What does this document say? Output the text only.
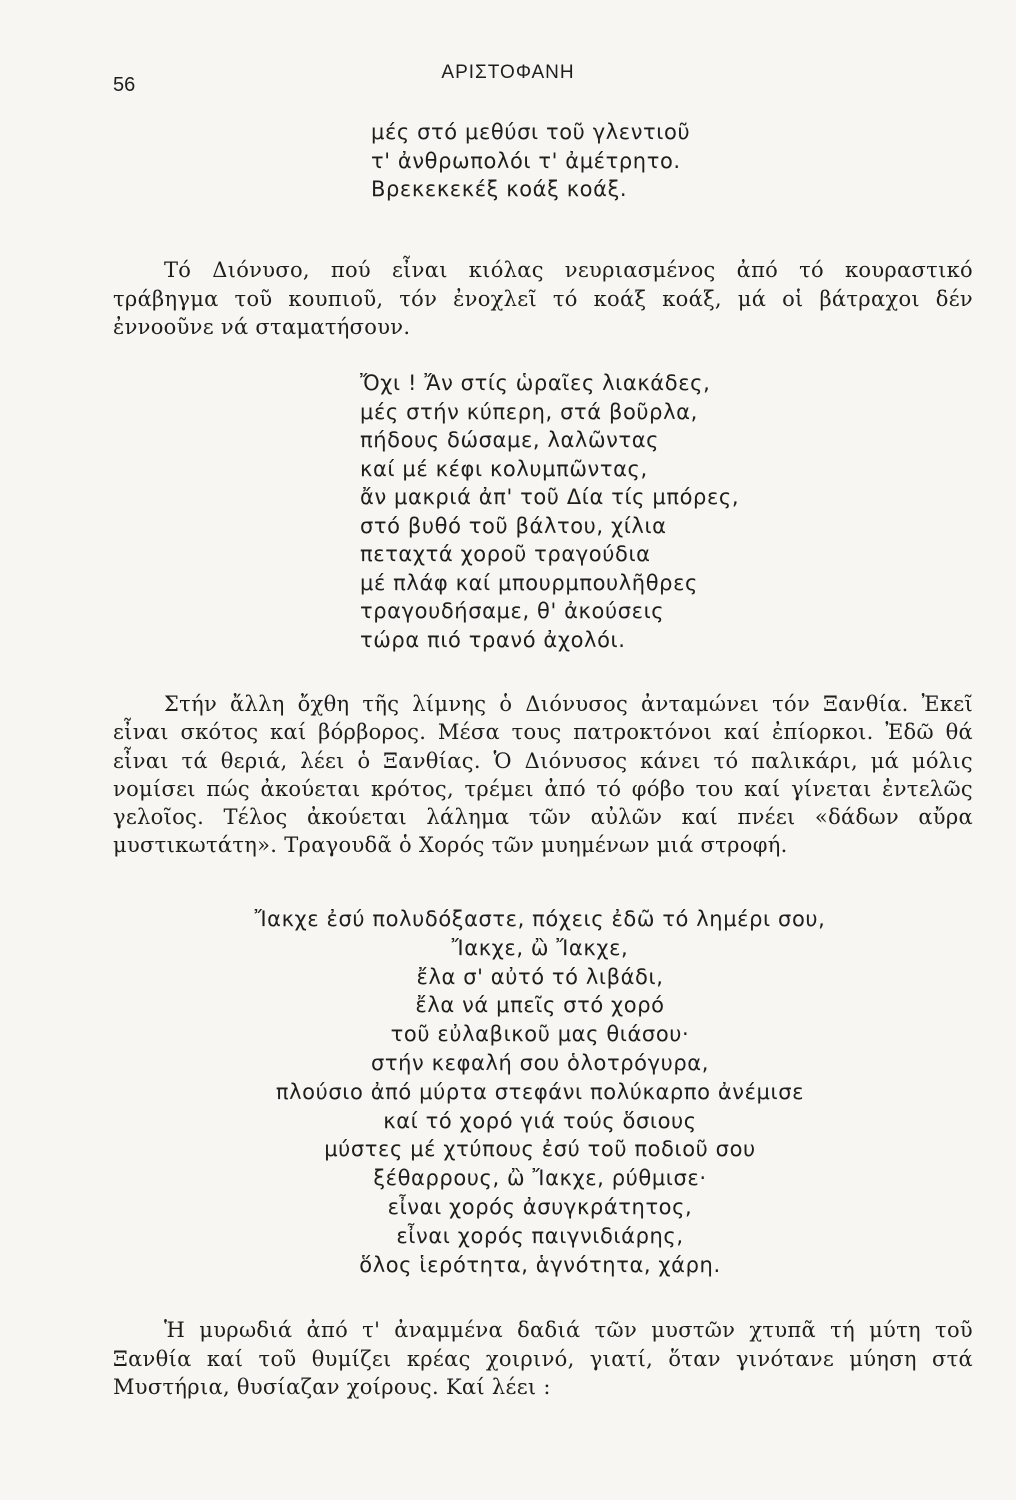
56
ΑΡΙΣΤΟΦΑΝΗ
μές στό μεθύσι τοῦ γλεντιοῦ
τ' ἀνθρωπολόι τ' ἀμέτρητο.
Βρεκεκεκέξ κοάξ κοάξ.
Τό Διόνυσο, πού εἶναι κιόλας νευριασμένος ἀπό τό κουραστικό τράβηγμα τοῦ κουπιοῦ, τόν ἐνοχλεῖ τό κοάξ κοάξ, μά οἱ βάτραχοι δέν ἐννοοῦνε νά σταματήσουν.
Ὄχι ! Ἄν στίς ὡραῖες λιακάδες,
μές στήν κύπερη, στά βοῦρλα,
πήδους δώσαμε, λαλῶντας
καί μέ κέφι κολυμπῶντας,
ἄν μακριά ἀπ' τοῦ Δία τίς μπόρες,
στό βυθό τοῦ βάλτου, χίλια
πεταχτά χοροῦ τραγούδια
μέ πλάφ καί μπουρμπουλῆθρες
τραγουδήσαμε, θ' ἀκούσεις
τώρα πιό τρανό ἀχολόι.
Στήν ἄλλη ὄχθη τῆς λίμνης ὁ Διόνυσος ἀνταμώνει τόν Ξανθία. Ἐκεῖ εἶναι σκότος καί βόρβορος. Μέσα τους πατροκτόνοι καί ἐπίορκοι. Ἐδῶ θά εἶναι τά θεριά, λέει ὁ Ξανθίας. Ὁ Διόνυσος κάνει τό παλικάρι, μά μόλις νομίσει πώς ἀκούεται κρότος, τρέμει ἀπό τό φόβο του καί γίνεται ἐντελῶς γελοῖος. Τέλος ἀκούεται λάλημα τῶν αὐλῶν καί πνέει «δάδων αὔρα μυστικωτάτη». Τραγουδᾶ ὁ Χορός τῶν μυημένων μιά στροφή.
Ἴακχε ἐσύ πολυδόξαστε, πόχεις ἐδῶ τό λημέρι σου,
Ἴακχε, ὢ Ἴακχε,
ἔλα σ' αὐτό τό λιβάδι,
ἔλα νά μπεῖς στό χορό
τοῦ εὐλαβικοῦ μας θιάσου·
στήν κεφαλή σου ὁλοτρόγυρα,
πλούσιο ἀπό μύρτα στεφάνι πολύκαρπο ἀνέμισε
καί τό χορό γιά τούς ὅσιους
μύστες μέ χτύπους ἐσύ τοῦ ποδιοῦ σου
ξέθαρρους, ὢ Ἴακχε, ρύθμισε·
εἶναι χορός ἀσυγκράτητος,
εἶναι χορός παιγνιδιάρης,
ὅλος ἱερότητα, ἁγνότητα, χάρη.
Ἡ μυρωδιά ἀπό τ' ἀναμμένα δαδιά τῶν μυστῶν χτυπᾶ τή μύτη τοῦ Ξανθία καί τοῦ θυμίζει κρέας χοιρινό, γιατί, ὅταν γινότανε μύηση στά Μυστήρια, θυσίαζαν χοίρους. Καί λέει :
